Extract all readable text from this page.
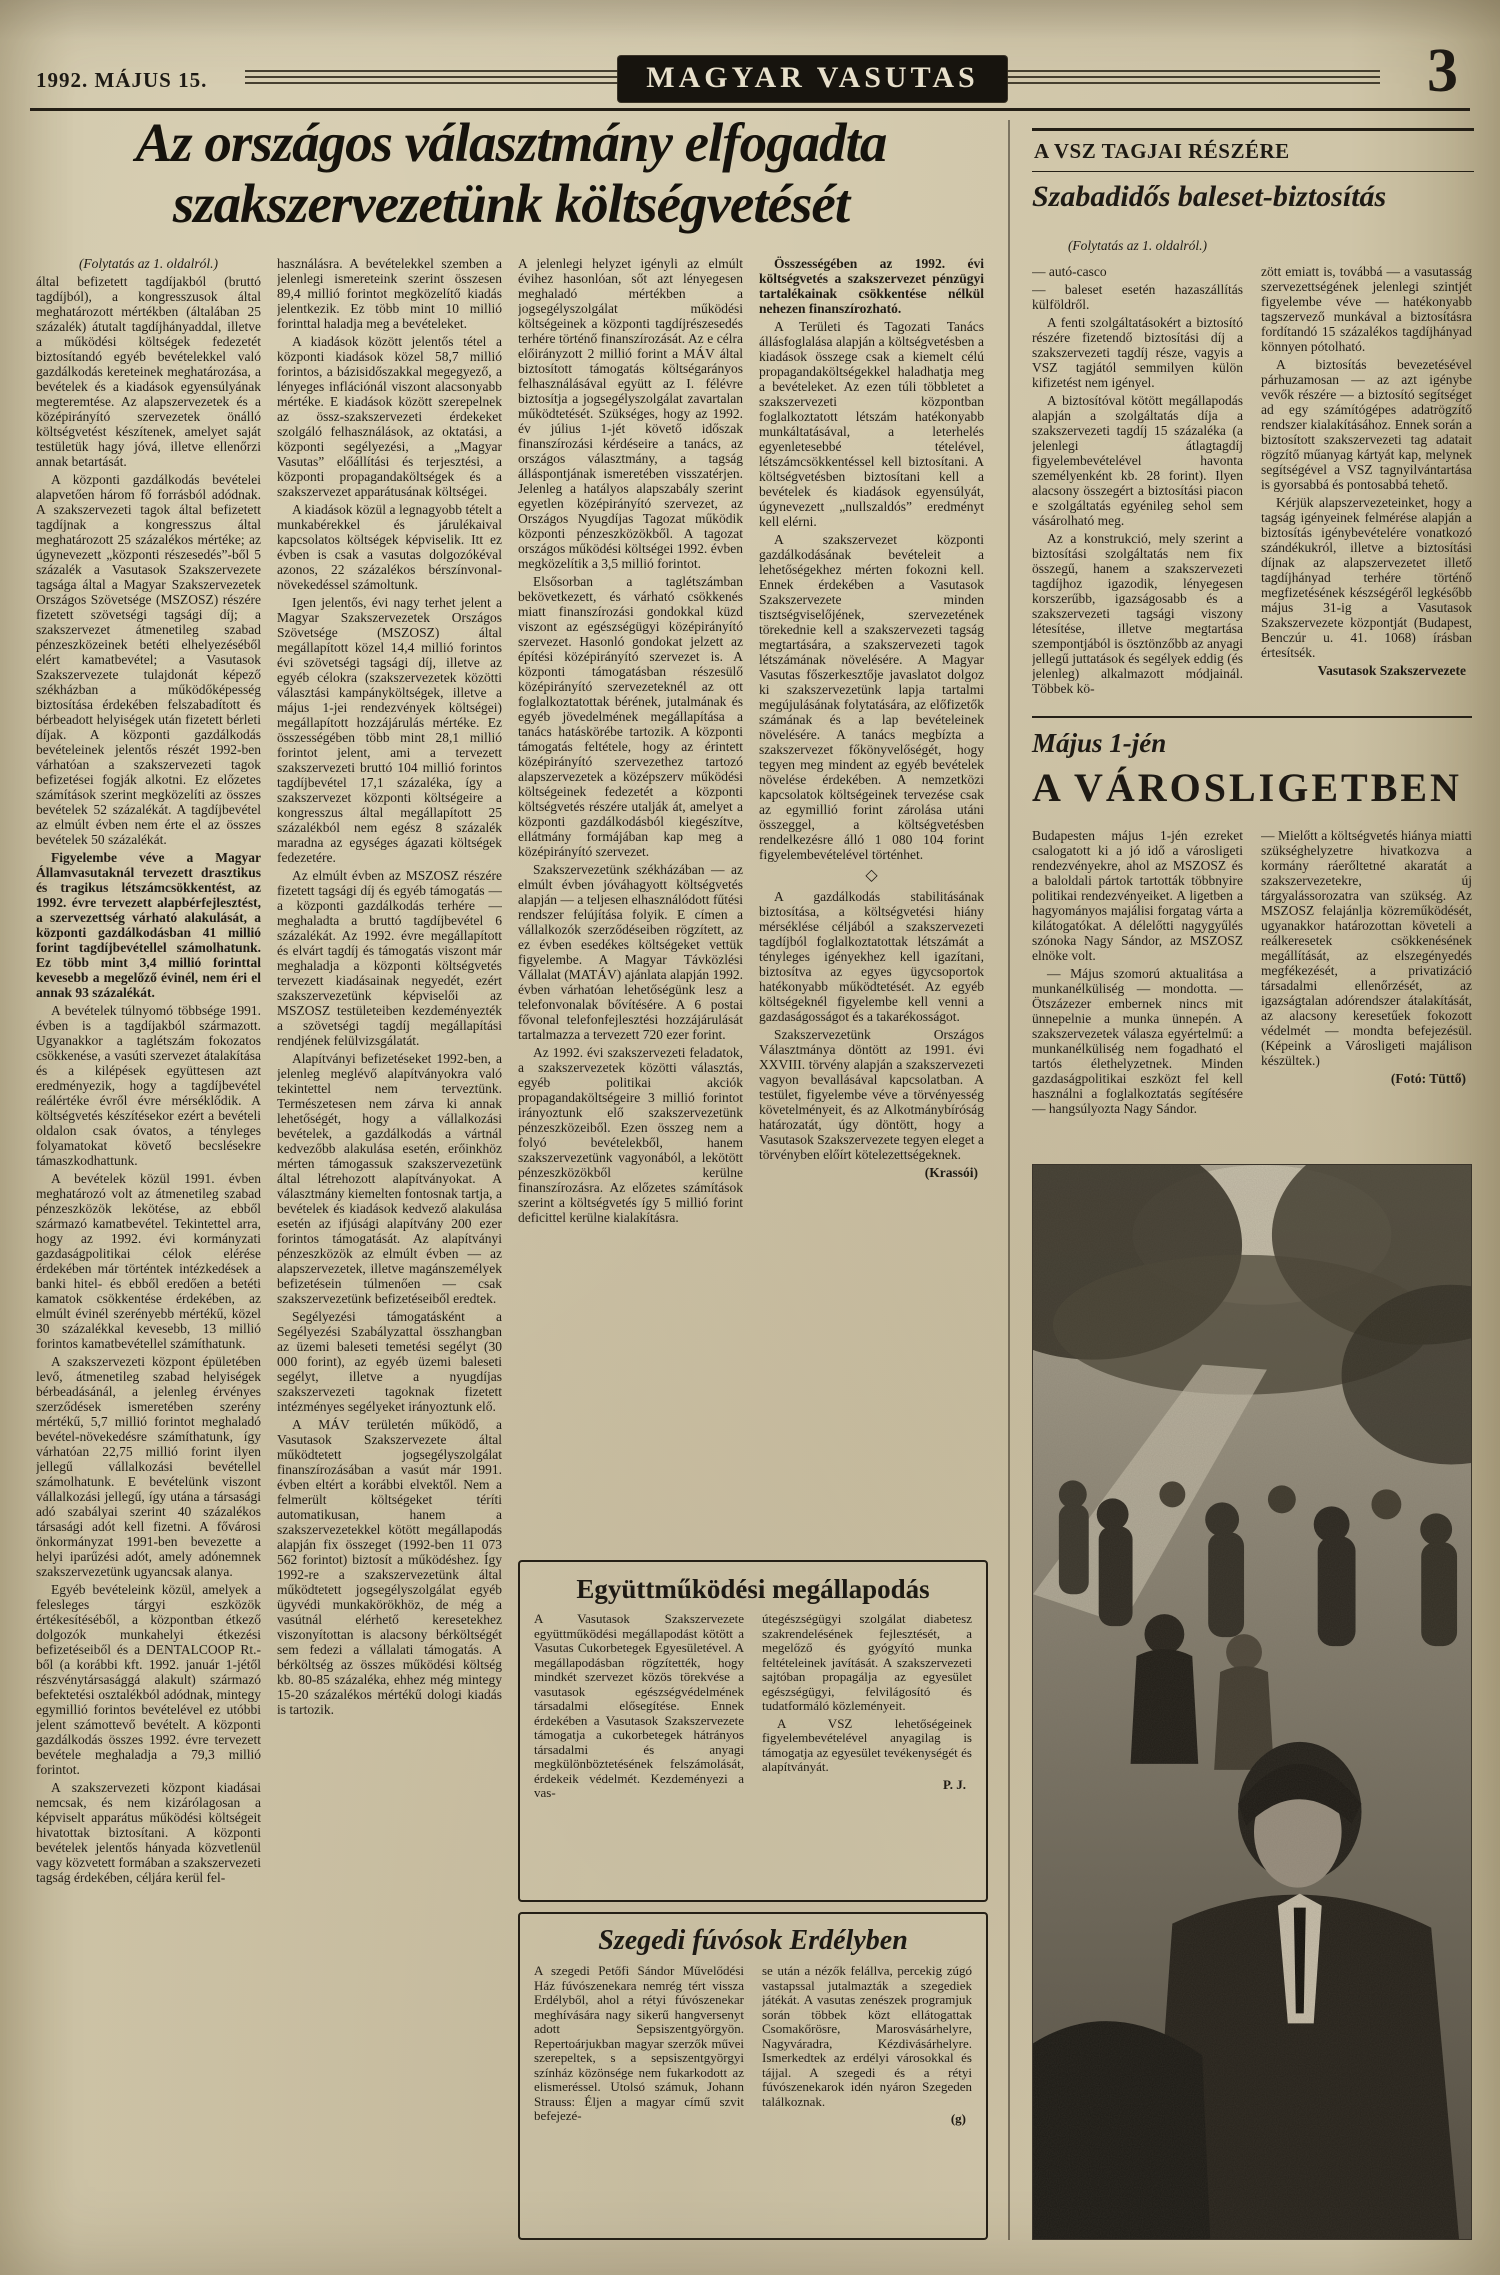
1992. MÁJUS 15.	MAGYAR VASUTAS	3
Az országos választmány elfogadta
szakszervezetünk költségvetését

(Folytatás az 1. oldalról.)

által befizetett tagdíjakból (bruttó tagdíjból), a kongresszusok által meghatározott mértékben (általában 25 százalék) átutalt tagdíjhányaddal, illetve a működési költségek fedezetét biztosítandó egyéb bevételekkel való gazdálkodás kereteinek meghatározása, a bevételek és a kiadások egyensúlyának megteremtése. Az alapszervezetek és a középirányító szervezetek önálló költségvetést készítenek, amelyet saját testületük hagy jóvá, illetve ellenőrzi annak betartását.

A központi gazdálkodás bevételei alapvetően három fő forrásból adódnak. A szakszervezeti tagok által befizetett tagdíjnak a kongresszus által meghatározott 25 százalékos mértéke; az úgynevezett „központi részesedés”-ből 5 százalék a Vasutasok Szakszervezete tagsága által a Magyar Szakszervezetek Országos Szövetsége (MSZOSZ) részére fizetett szövetségi tagsági díj; a szakszervezet átmenetileg szabad pénzeszközeinek betéti elhelyezéséből elért kamatbevétel; a Vasutasok Szakszervezete tulajdonát képező székházban a működőképesség biztosítása érdekében felszabadított és bérbeadott helyiségek után fizetett bérleti díjak. A központi gazdálkodás bevételeinek jelentős részét 1992-ben várhatóan a szakszervezeti tagok befizetései fogják alkotni. Ez előzetes számítások szerint megközelíti az összes bevételek 52 százalékát. A tagdíjbevétel az elmúlt évben nem érte el az összes bevételek 50 százalékát.

Figyelembe véve a Magyar Államvasutaknál tervezett drasztikus és tragikus létszámcsökkentést, az 1992. évre tervezett alapbérfejlesztést, a szervezettség várható alakulását, a központi gazdálkodásban 41 millió forint tagdíjbevétellel számolhatunk. Ez több mint 3,4 millió forinttal kevesebb a megelőző évinél, nem éri el annak 93 százalékát.

A bevételek túlnyomó többsége 1991. évben is a tagdíjakból származott. Ugyanakkor a taglétszám fokozatos csökkenése, a vasúti szervezet átalakítása és a kilépések együttesen azt eredményezik, hogy a tagdíjbevétel reálértéke évről évre mérséklődik. A költségvetés készítésekor ezért a bevételi oldalon csak óvatos, a tényleges folyamatokat követő becslésekre támaszkodhattunk.

A bevételek közül 1991. évben meghatározó volt az átmenetileg szabad pénzeszközök lekötése, az ebből származó kamatbevétel. Tekintettel arra, hogy az 1992. évi kormányzati gazdaságpolitikai célok elérése érdekében már történtek intézkedések a banki hitel- és ebből eredően a betéti kamatok csökkentése érdekében, az elmúlt évinél szerényebb mértékű, közel 30 százalékkal kevesebb, 13 millió forintos kamatbevétellel számíthatunk.

A szakszervezeti központ épületében levő, átmenetileg szabad helyiségek bérbeadásánál, a jelenleg érvényes szerződések ismeretében szerény mértékű, 5,7 millió forintot meghaladó bevétel-növekedésre számíthatunk, így várhatóan 22,75 millió forint ilyen jellegű vállalkozási bevétellel számolhatunk. E bevételünk viszont vállalkozási jellegű, így utána a társasági adó szabályai szerint 40 százalékos társasági adót kell fizetni. A fővárosi önkormányzat 1991-ben bevezette a helyi iparűzési adót, amely adónemnek szakszervezetünk ugyancsak alanya.

Egyéb bevételeink közül, amelyek a felesleges tárgyi eszközök értékesítéséből, a központban étkező dolgozók munkahelyi étkezési befizetéseiből és a DENTALCOOP Rt.-ből (a korábbi kft. 1992. január 1-jétől részvénytársasággá alakult) származó befektetési osztalékból adódnak, mintegy egymillió forintos bevételével ez utóbbi jelent számottevő bevételt. A központi gazdálkodás összes 1992. évre tervezett bevétele meghaladja a 79,3 millió forintot.

A szakszervezeti központ kiadásai nemcsak, és nem kizárólagosan a képviselt apparátus működési költségeit hivatottak biztosítani. A központi bevételek jelentős hányada közvetlenül vagy közvetett formában a szakszervezeti tagság érdekében, céljára kerül fel-

használásra. A bevételekkel szemben a jelenlegi ismereteink szerint összesen 89,4 millió forintot megközelítő kiadás jelentkezik. Ez több mint 10 millió forinttal haladja meg a bevételeket.

A kiadások között jelentős tétel a központi kiadások közel 58,7 millió forintos, a bázisidőszakkal megegyező, a lényeges inflációnál viszont alacsonyabb mértéke. E kiadások között szerepelnek az össz-szakszervezeti érdekeket szolgáló felhasználások, az oktatási, a központi segélyezési, a „Magyar Vasutas” előállítási és terjesztési, a központi propagandaköltségek és a szakszervezet apparátusának költségei.

A kiadások közül a legnagyobb tételt a munkabérekkel és járulékaival kapcsolatos költségek képviselik. Itt ez évben is csak a vasutas dolgozókéval azonos, 22 százalékos bérszínvonal-növekedéssel számoltunk.

Igen jelentős, évi nagy terhet jelent a Magyar Szakszervezetek Országos Szövetsége (MSZOSZ) által megállapított közel 14,4 millió forintos évi szövetségi tagsági díj, illetve az egyéb célokra (szakszervezetek közötti választási kampányköltségek, illetve a május 1-jei rendezvények költségei) megállapított hozzájárulás mértéke. Ez összességében több mint 28,1 millió forintot jelent, ami a tervezett szakszervezeti bruttó 104 millió forintos tagdíjbevétel 17,1 százaléka, így a szakszervezet központi költségeire a kongresszus által megállapított 25 százalékból nem egész 8 százalék maradna az egységes ágazati költségek fedezetére.

Az elmúlt évben az MSZOSZ részére fizetett tagsági díj és egyéb támogatás — a központi gazdálkodás terhére — meghaladta a bruttó tagdíjbevétel 6 százalékát. Az 1992. évre megállapított és elvárt tagdíj és támogatás viszont már meghaladja a központi költségvetés tervezett kiadásainak negyedét, ezért szakszervezetünk képviselői az MSZOSZ testületeiben kezdeményezték a szövetségi tagdíj megállapítási rendjének felülvizsgálatát.

Alapítványi befizetéseket 1992-ben, a jelenleg meglévő alapítványokra való tekintettel nem terveztünk. Természetesen nem zárva ki annak lehetőségét, hogy a vállalkozási bevételek, a gazdálkodás a vártnál kedvezőbb alakulása esetén, erőinkhöz mérten támogassuk szakszervezetünk által létrehozott alapítványokat. A választmány kiemelten fontosnak tartja, a bevételek és kiadások kedvező alakulása esetén az ifjúsági alapítvány 200 ezer forintos támogatását. Az alapítványi pénzeszközök az elmúlt évben — az alapszervezetek, illetve magánszemélyek befizetésein túlmenően — csak szakszervezetünk befizetéseiből eredtek.

Segélyezési támogatásként a Segélyezési Szabályzattal összhangban az üzemi baleseti temetési segélyt (30 000 forint), az egyéb üzemi baleseti segélyt, illetve a nyugdíjas szakszervezeti tagoknak fizetett intézményes segélyeket irányoztunk elő.

A MÁV területén működő, a Vasutasok Szakszervezete által működtetett jogsegélyszolgálat finanszírozásában a vasút már 1991. évben eltért a korábbi elvektől. Nem a felmerült költségeket téríti automatikusan, hanem a szakszervezetekkel kötött megállapodás alapján fix összeget (1992-ben 11 073 562 forintot) biztosít a működéshez. Így 1992-re a szakszervezetünk által működtetett jogsegélyszolgálat egyéb ügyvédi munkakörökhöz, de még a vasútnál elérhető keresetekhez viszonyítottan is alacsony bérköltségét sem fedezi a vállalati támogatás. A bérköltség az összes működési költség kb. 80-85 százaléka, ehhez még mintegy 15-20 százalékos mértékű dologi kiadás is tartozik.

A jelenlegi helyzet igényli az elmúlt évihez hasonlóan, sőt azt lényegesen meghaladó mértékben a jogsegélyszolgálat működési költségeinek a központi tagdíjrészesedés terhére történő finanszírozását. Az e célra előirányzott 2 millió forint a MÁV által biztosított támogatás költségarányos felhasználásával együtt az I. félévre biztosítja a jogsegélyszolgálat zavartalan működtetését. Szükséges, hogy az 1992. év július 1-jét követő időszak finanszírozási kérdéseire a tanács, az országos választmány, a tagság álláspontjának ismeretében visszatérjen. Jelenleg a hatályos alapszabály szerint egyetlen középirányító szervezet, az Országos Nyugdíjas Tagozat működik központi pénzeszközökből. A tagozat országos működési költségei 1992. évben megközelítik a 3,5 millió forintot.

Elsősorban a taglétszámban bekövetkezett, és várható csökkenés miatt finanszírozási gondokkal küzd viszont az egészségügyi középirányító szervezet. Hasonló gondokat jelzett az építési középirányító szervezet is. A központi támogatásban részesülő középirányító szervezeteknél az ott foglalkoztatottak bérének, jutalmának és egyéb jövedelmének megállapítása a tanács hatáskörébe tartozik. A központi támogatás feltétele, hogy az érintett középirányító szervezethez tartozó alapszervezetek a középszerv működési költségeinek fedezetét a központi költségvetés részére utalják át, amelyet a központi gazdálkodásból kiegészítve, ellátmány formájában kap meg a középirányító szervezet.

Szakszervezetünk székházában — az elmúlt évben jóváhagyott költségvetés alapján — a teljesen elhasználódott fűtési rendszer felújítása folyik. E címen a vállalkozók szerződéseiben rögzített, az ez évben esedékes költségeket vettük figyelembe. A Magyar Távközlési Vállalat (MATÁV) ajánlata alapján 1992. évben várhatóan lehetőségünk lesz a telefonvonalak bővítésére. A 6 postai fővonal telefonfejlesztési hozzájárulását tartalmazza a tervezett 720 ezer forint.

Az 1992. évi szakszervezeti feladatok, a szakszervezetek közötti választás, egyéb politikai akciók propagandaköltségeire 3 millió forintot irányoztunk elő szakszervezetünk pénzeszközeiből. Ezen összeg nem a folyó bevételekből, hanem szakszervezetünk vagyonából, a lekötött pénzeszközökből kerülne finanszírozásra. Az előzetes számítások szerint a költségvetés így 5 millió forint deficittel kerülne kialakításra.

Összességében az 1992. évi költségvetés a szakszervezet pénzügyi tartalékainak csökkentése nélkül nehezen finanszírozható.

A Területi és Tagozati Tanács állásfoglalása alapján a költségvetésben a kiadások összege csak a kiemelt célú propagandaköltségekkel haladhatja meg a bevételeket. Az ezen túli többletet a szakszervezeti központban foglalkoztatott létszám hatékonyabb munkáltatásával, a leterhelés egyenletesebbé tételével, létszámcsökkentéssel kell biztosítani. A költségvetésben biztosítani kell a bevételek és kiadások egyensúlyát, úgynevezett „nullszaldós” eredményt kell elérni.

A szakszervezet központi gazdálkodásának bevételeit a lehetőségekhez mérten fokozni kell. Ennek érdekében a Vasutasok Szakszervezete minden tisztségviselőjének, szervezetének törekednie kell a szakszervezeti tagság megtartására, a szakszervezeti tagok létszámának növelésére. A Magyar Vasutas főszerkesztője javaslatot dolgoz ki szakszervezetünk lapja tartalmi megújulásának folytatására, az előfizetők számának és a lap bevételeinek növelésére. A tanács megbízta a szakszervezet főkönyvelőségét, hogy tegyen meg mindent az egyéb bevételek növelése érdekében. A nemzetközi kapcsolatok költségeinek tervezése csak az egymillió forint zárolása utáni összeggel, a költségvetésben rendelkezésre álló 1 080 104 forint figyelembevételével történhet.

◇

A gazdálkodás stabilitásának biztosítása, a költségvetési hiány mérséklése céljából a szakszervezeti tagdíjból foglalkoztatottak létszámát a tényleges igényekhez kell igazítani, biztosítva az egyes ügycsoportok hatékonyabb működtetését. Az egyéb költségeknél figyelembe kell venni a gazdaságosságot és a takarékosságot.

Szakszervezetünk Országos Választmánya döntött az 1991. évi XXVIII. törvény alapján a szakszervezeti vagyon bevallásával kapcsolatban. A testület, figyelembe véve a törvényesség követelményeit, és az Alkotmánybíróság határozatát, úgy döntött, hogy a Vasutasok Szakszervezete tegyen eleget a törvényben előírt kötelezettségeknek.

(Krassói)

Együttműködési megállapodás

A Vasutasok Szakszervezete együttműködési megállapodást kötött a Vasutas Cukorbetegek Egyesületével. A megállapodásban rögzítették, hogy mindkét szervezet közös törekvése a vasutasok egészségvédelmének társadalmi elősegítése. Ennek érdekében a Vasutasok Szakszervezete támogatja a cukorbetegek hátrányos társadalmi és anyagi megkülönböztetésének felszámolását, érdekeik védelmét. Kezdeményezi a vas-

útegészségügyi szolgálat diabetesz szakrendelésének fejlesztését, a megelőző és gyógyító munka feltételeinek javítását. A szakszervezeti sajtóban propagálja az egyesület egészségügyi, felvilágosító és tudatformáló közleményeit.

A VSZ lehetőségeinek figyelembevételével anyagilag is támogatja az egyesület tevékenységét és alapítványát.

P. J.

Szegedi fúvósok Erdélyben

A szegedi Petőfi Sándor Művelődési Ház fúvószenekara nemrég tért vissza Erdélyből, ahol a rétyi fúvószenekar meghívására nagy sikerű hangversenyt adott Sepsiszentgyörgyön. Repertoárjukban magyar szerzők művei szerepeltek, s a sepsiszentgyörgyi színház közönsége nem fukarkodott az elismeréssel. Utolsó számuk, Johann Strauss: Éljen a magyar című szvit befejezé-

se után a nézők felállva, percekig zúgó vastapssal jutalmazták a szegediek játékát. A vasutas zenészek programjuk során többek közt ellátogattak Csomakőrösre, Marosvásárhelyre, Nagyváradra, Kézdivásárhelyre. Ismerkedtek az erdélyi városokkal és tájjal. A szegedi és a rétyi fúvószenekarok idén nyáron Szegeden találkoznak.

(g)

A VSZ TAGJAI RÉSZÉRE
Szabadidős baleset-biztosítás

(Folytatás az 1. oldalról.)

— autó-casco

— baleset esetén hazaszállítás külföldről.

A fenti szolgáltatásokért a biztosító részére fizetendő biztosítási díj a szakszervezeti tagdíj része, vagyis a VSZ tagjától semmilyen külön kifizetést nem igényel.

A biztosítóval kötött megállapodás alapján a szolgáltatás díja a szakszervezeti tagdíj 15 százaléka (a jelenlegi átlagtagdíj figyelembevételével havonta személyenként kb. 28 forint). Ilyen alacsony összegért a biztosítási piacon e szolgáltatás egyénileg sehol sem vásárolható meg.

Az a konstrukció, mely szerint a biztosítási szolgáltatás nem fix összegű, hanem a szakszervezeti tagdíjhoz igazodik, lényegesen korszerűbb, igazságosabb és a szakszervezeti tagsági viszony létesítése, illetve megtartása szempontjából is ösztönzőbb az anyagi jellegű juttatások és segélyek eddig (és jelenleg) alkalmazott módjainál. Többek kö-

zött emiatt is, továbbá — a vasutasság szervezettségének jelenlegi szintjét figyelembe véve — hatékonyabb tagszervező munkával a biztosításra fordítandó 15 százalékos tagdíjhányad könnyen pótolható.

A biztosítás bevezetésével párhuzamosan — az azt igénybe vevők részére — a biztosító segítséget ad egy számítógépes adatrögzítő rendszer kialakításához. Ennek során a biztosított szakszervezeti tag adatait rögzítő műanyag kártyát kap, melynek segítségével a VSZ tagnyilvántartása is gyorsabbá és pontosabbá tehető.

Kérjük alapszervezeteinket, hogy a tagság igényeinek felmérése alapján a biztosítás igénybevételére vonatkozó szándékukról, illetve a biztosítási díjnak az alapszervezetet illető tagdíjhányad terhére történő megfizetésének készségéről legkésőbb május 31-ig a Vasutasok Szakszervezete központját (Budapest, Benczúr u. 41. 1068) írásban értesítsék.

Vasutasok Szakszervezete

Május 1-jén
A VÁROSLIGETBEN

Budapesten május 1-jén ezreket csalogatott ki a jó idő a városligeti rendezvényekre, ahol az MSZOSZ és a baloldali pártok tartották többnyire politikai rendezvényeiket. A ligetben a hagyományos majálisi forgatag várta a kilátogatókat. A délelőtti nagygyűlés szónoka Nagy Sándor, az MSZOSZ elnöke volt.

— Május szomorú aktualitása a munkanélküliség — mondotta. — Ötszázezer embernek nincs mit ünnepelnie a munka ünnepén. A szakszervezetek válasza egyértelmű: a munkanélküliség nem fogadható el tartós élethelyzetnek. Minden gazdaságpolitikai eszközt fel kell használni a foglalkoztatás segítésére — hangsúlyozta Nagy Sándor.

— Mielőtt a költségvetés hiánya miatti szükséghelyzetre hivatkozva a kormány ráerőltetné akaratát a szakszervezetekre, új tárgyalássorozatra van szükség. Az MSZOSZ felajánlja közreműködését, ugyanakkor határozottan követeli a reálkeresetek csökkenésének megállítását, az elszegényedés megfékezését, a privatizáció társadalmi ellenőrzését, az igazságtalan adórendszer átalakítását, az alacsony keresetűek fokozott védelmét — mondta befejezésül. (Képeink a Városligeti majálison készültek.)

(Fotó: Tüttő)
